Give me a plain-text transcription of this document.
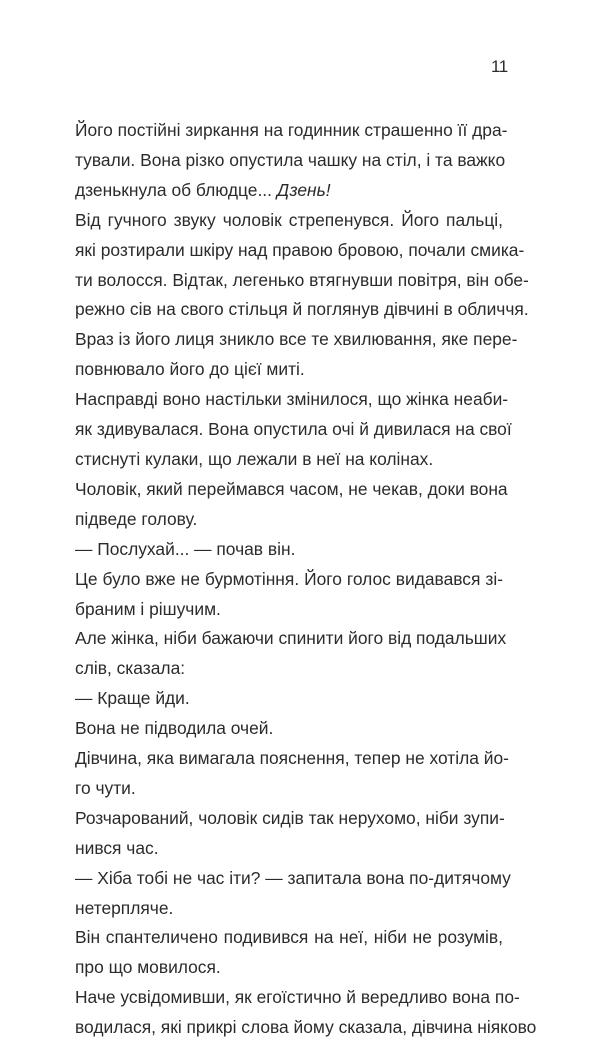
11
Його постійні зиркання на годинник страшенно її дра-
тували. Вона різко опустила чашку на стіл, і та важко
дзенькнула об блюдце... Дзень!
Від гучного звуку чоловік стрепенувся. Його пальці,
які розтирали шкіру над правою бровою, почали смика-
ти волосся. Відтак, легенько втягнувши повітря, він обе-
режно сів на свого стільця й поглянув дівчині в обличчя.
Враз із його лиця зникло все те хвилювання, яке пере-
повнювало його до цієї миті.
Насправді воно настільки змінилося, що жінка неаби-
як здивувалася. Вона опустила очі й дивилася на свої
стиснуті кулаки, що лежали в неї на колінах.
Чоловік, який переймався часом, не чекав, доки вона
підведе голову.
— Послухай... — почав він.
Це було вже не бурмотіння. Його голос видавався зі-
браним і рішучим.
Але жінка, ніби бажаючи спинити його від подальших
слів, сказала:
— Краще йди.
Вона не підводила очей.
Дівчина, яка вимагала пояснення, тепер не хотіла йо-
го чути.
Розчарований, чоловік сидів так нерухомо, ніби зупи-
нився час.
— Хіба тобі не час іти? — запитала вона по-дитячому
нетерпляче.
Він спантеличено подивився на неї, ніби не розумів,
про що мовилося.
Наче усвідомивши, як егоїстично й вередливо вона по-
водилася, які прикрі слова йому сказала, дівчина ніяково
